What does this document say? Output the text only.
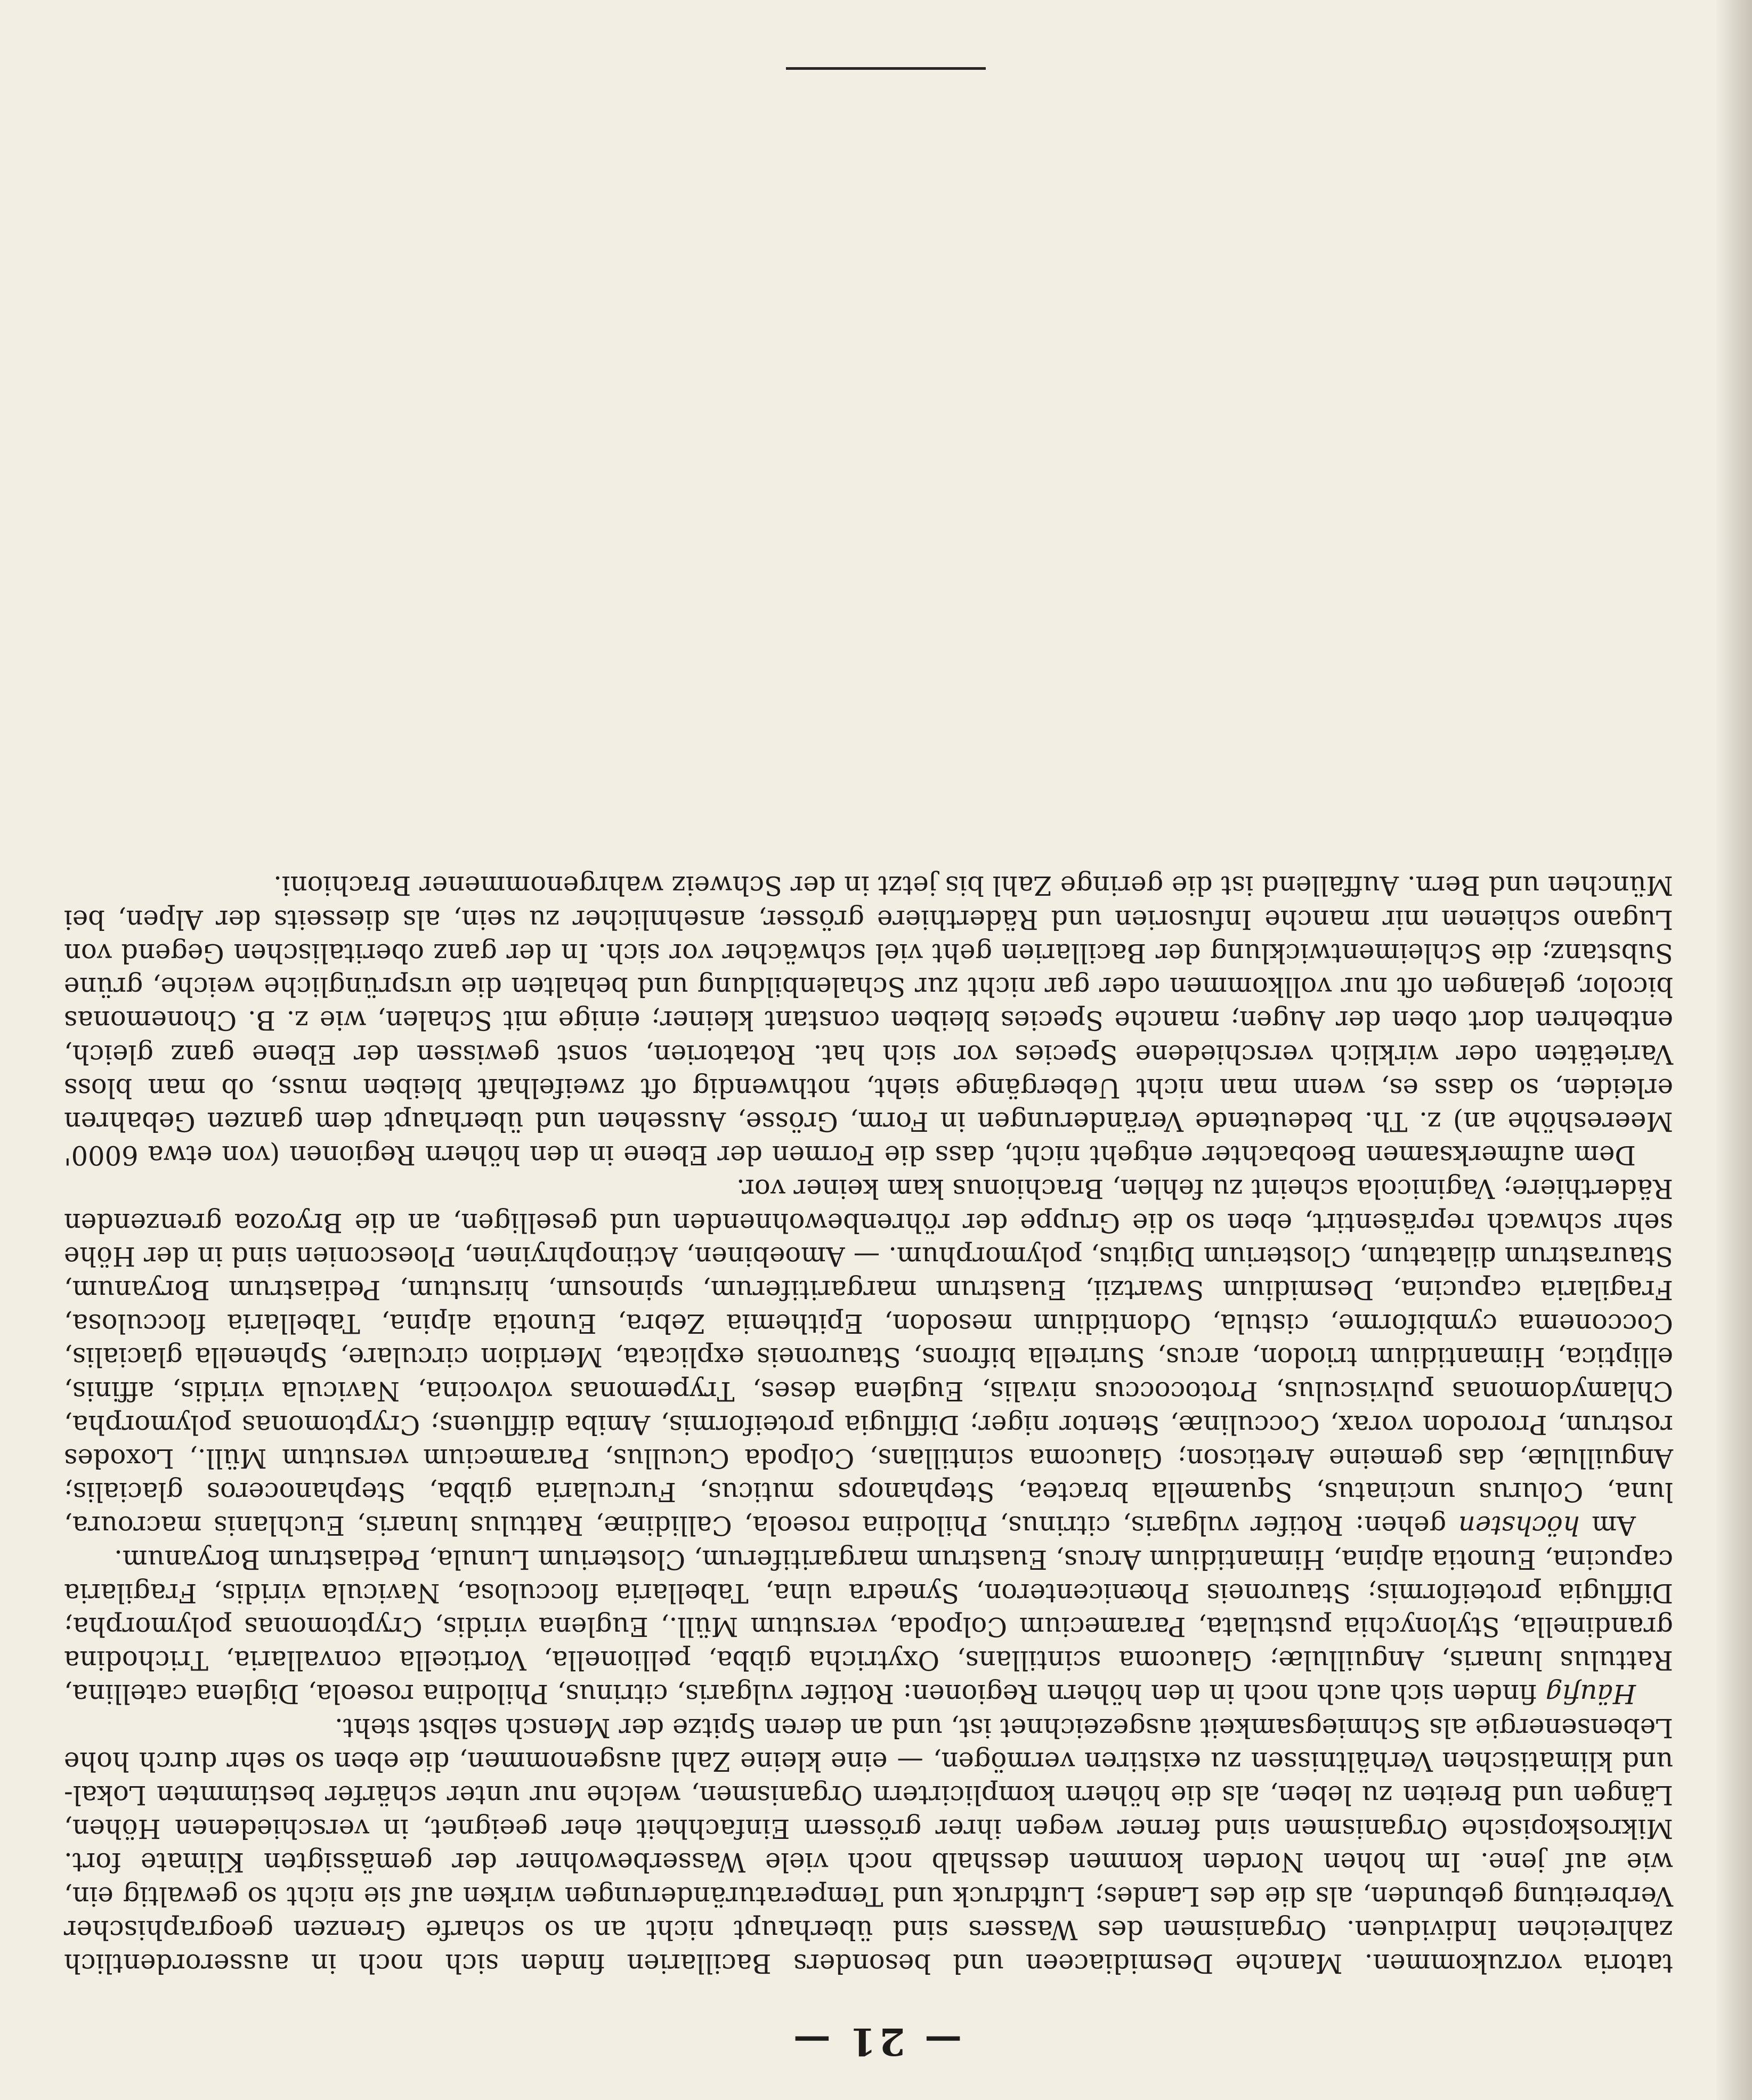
— 21 —

tatoria vorzukommen. Manche Desmidiaceen und besonders Bacillarien finden sich noch in ausserordentlich zahlreichen Individuen. Organismen des Wassers sind überhaupt nicht an so scharfe Grenzen geographischer Verbreitung gebunden, als die des Landes; Luftdruck und Temperaturänderungen wirken auf sie nicht so gewaltig ein, wie auf jene. Im hohen Norden kommen desshalb noch viele Wasserbewohner der gemässigten Klimate fort. Mikroskopische Organismen sind ferner wegen ihrer grössern Einfachheit eher geeignet, in verschiedenen Höhen, Längen und Breiten zu leben, als die höhern komplicirtern Organismen, welche nur unter schärfer bestimmten Lokal- und klimatischen Verhältnissen zu existiren vermögen, — eine kleine Zahl ausgenommen, die eben so sehr durch hohe Lebensenergie als Schmiegsamkeit ausgezeichnet ist, und an deren Spitze der Mensch selbst steht.

Häufig finden sich auch noch in den höhern Regionen: Rotifer vulgaris, citrinus, Philodina roseola, Diglena catellina, Rattulus lunaris, Anguillulæ; Glaucoma scintillans, Oxytricha gibba, pellionella, Vorticella convallaria, Trichodina grandinella, Stylonychia pustulata, Paramecium Colpoda, versutum Müll., Euglena viridis, Cryptomonas polymorpha; Difflugia proteiformis; Stauroneis Phœnicenteron, Synedra ulna, Tabellaria flocculosa, Navicula viridis, Fragilaria capucina, Eunotia alpina, Himantidium Arcus, Euastrum margaritiferum, Closterium Lunula, Pediastrum Boryanum.

Am höchsten gehen: Rotifer vulgaris, citrinus, Philodina roseola, Callidinæ, Rattulus lunaris, Euchlanis macroura, luna, Colurus uncinatus, Squamella bractea, Stephanops muticus, Furcularia gibba, Stephanoceros glacialis; Anguillulæ, das gemeine Areticson; Glaucoma scintillans, Colpoda Cucullus, Paramecium versutum Müll., Loxodes rostrum, Prorodon vorax, Cocculinæ, Stentor niger; Difflugia proteiformis, Amiba diffluens; Cryptomonas polymorpha, Chlamydomonas pulvisculus, Protococcus nivalis, Euglena deses, Trypemonas volvocina, Navicula viridis, affinis, elliptica, Himantidium triodon, arcus, Surirella bifrons, Stauroneis explicata, Meridion circulare, Sphenella glacialis, Cocconema cymbiforme, cistula, Odontidium mesodon, Epithemia Zebra, Eunotia alpina, Tabellaria flocculosa, Fragilaria capucina, Desmidium Swartzii, Euastrum margaritiferum, spinosum, hirsutum, Pediastrum Boryanum, Staurastrum dilatatum, Closterium Digitus, polymorphum. — Amoebinen, Actinophryinen, Ploesconien sind in der Höhe sehr schwach repräsentirt, eben so die Gruppe der röhrenbewohnenden und geselligen, an die Bryozoa grenzenden Räderthiere; Vaginicola scheint zu fehlen, Brachionus kam keiner vor.

Dem aufmerksamen Beobachter entgeht nicht, dass die Formen der Ebene in den höhern Regionen (von etwa 6000' Meereshöhe an) z. Th. bedeutende Veränderungen in Form, Grösse, Aussehen und überhaupt dem ganzen Gebahren erleiden, so dass es, wenn man nicht Uebergänge sieht, nothwendig oft zweifelhaft bleiben muss, ob man bloss Varietäten oder wirklich verschiedene Species vor sich hat. Rotatorien, sonst gewissen der Ebene ganz gleich, entbehren dort oben der Augen; manche Species bleiben constant kleiner; einige mit Schalen, wie z. B. Chonemonas bicolor, gelangen oft nur vollkommen oder gar nicht zur Schalenbildung und behalten die ursprüngliche weiche, grüne Substanz; die Schleimentwicklung der Bacillarien geht viel schwächer vor sich. In der ganz oberitalischen Gegend von Lugano schienen mir manche Infusorien und Räderthiere grösser, ansehnlicher zu sein, als diesseits der Alpen, bei München und Bern. Auffallend ist die geringe Zahl bis jetzt in der Schweiz wahrgenommener Brachioni.
